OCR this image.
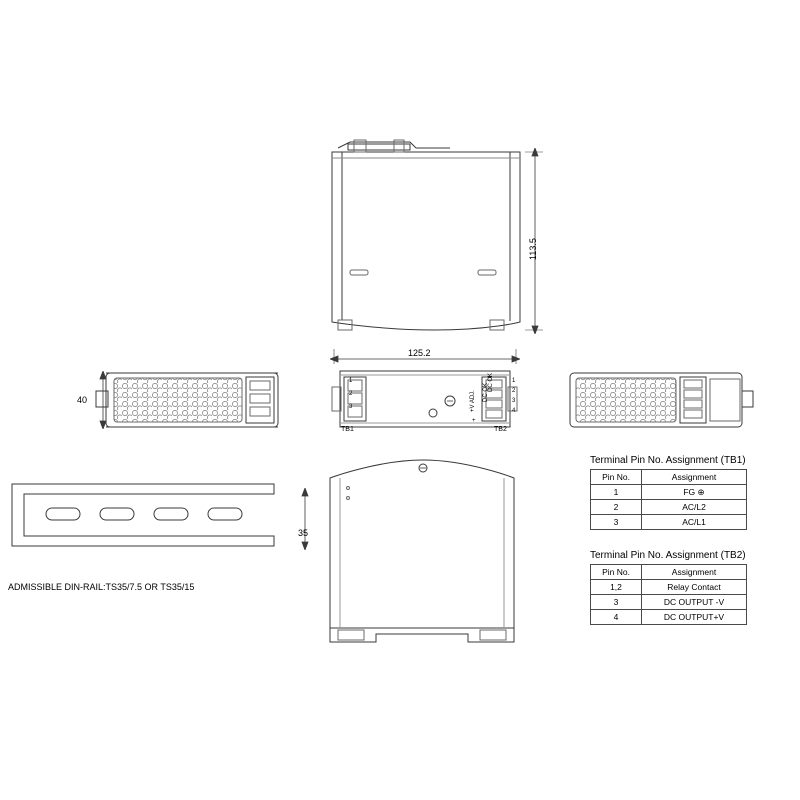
113.5
125.2
40
1
2
3
TB1
1
2
3
4
TB2
DC OK
+V ADJ.
DC OK
+
ADMISSIBLE DIN-RAIL:TS35/7.5 OR TS35/15
35
Terminal Pin No. Assignment (TB1)
Pin No.	Assignment
1	FG ⊕
2	AC/L2
3	AC/L1
Terminal Pin No. Assignment (TB2)
Pin No.	Assignment
1,2	Relay Contact
3	DC OUTPUT -V
4	DC OUTPUT+V
